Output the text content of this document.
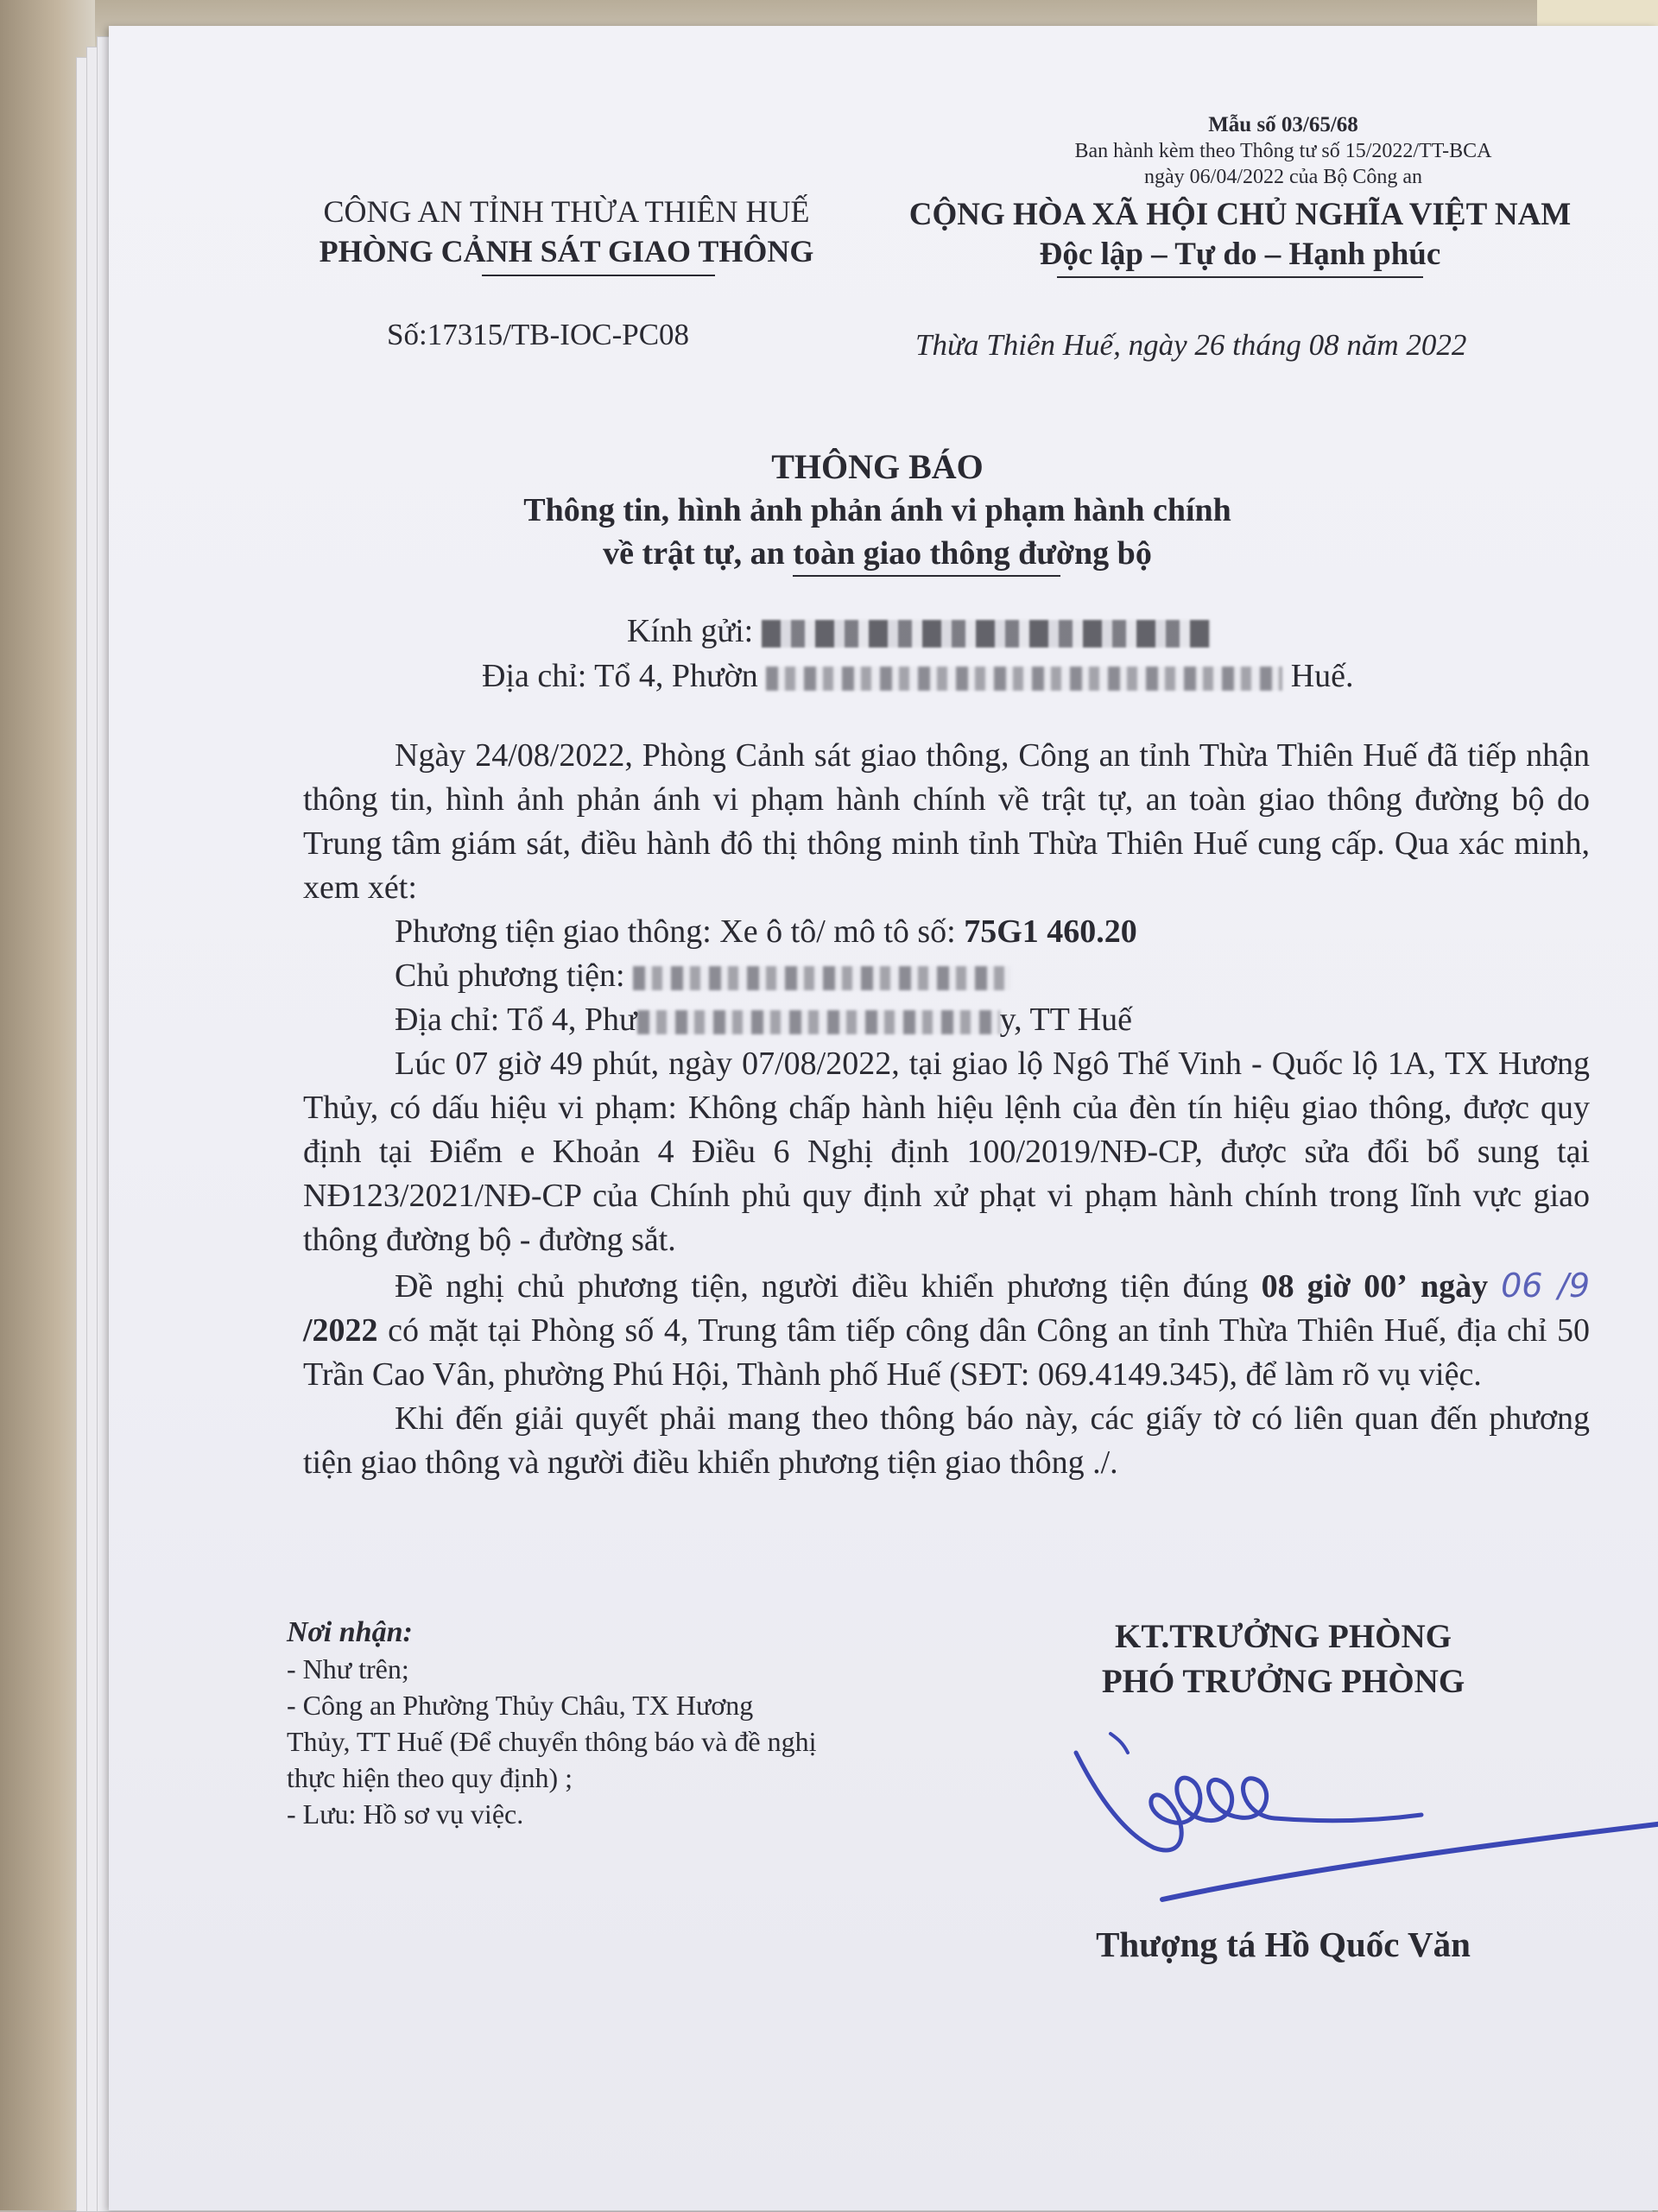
Mẫu số 03/65/68
Ban hành kèm theo Thông tư số 15/2022/TT-BCA
ngày 06/04/2022 của Bộ Công an
CÔNG AN TỈNH THỪA THIÊN HUẾ
PHÒNG CẢNH SÁT GIAO THÔNG
Số:17315/TB-IOC-PC08
CỘNG HÒA XÃ HỘI CHỦ NGHĨA VIỆT NAM
Độc lập – Tự do – Hạnh phúc
Thừa Thiên Huế, ngày 26 tháng 08 năm 2022
THÔNG BÁO
Thông tin, hình ảnh phản ánh vi phạm hành chính
về trật tự, an toàn giao thông đường bộ
Kính gửi:
Địa chỉ: Tổ 4, Phườn	Huế.
Ngày 24/08/2022, Phòng Cảnh sát giao thông, Công an tỉnh Thừa Thiên Huế đã tiếp nhận thông tin, hình ảnh phản ánh vi phạm hành chính về trật tự, an toàn giao thông đường bộ do Trung tâm giám sát, điều hành đô thị thông minh tỉnh Thừa Thiên Huế cung cấp. Qua xác minh, xem xét:
Phương tiện giao thông: Xe ô tô/ mô tô số: 75G1 460.20
Chủ phương tiện:
Địa chỉ: Tổ 4, Phư	y, TT Huế
Lúc 07 giờ 49 phút, ngày 07/08/2022, tại giao lộ Ngô Thế Vinh - Quốc lộ 1A, TX Hương Thủy, có dấu hiệu vi phạm: Không chấp hành hiệu lệnh của đèn tín hiệu giao thông, được quy định tại Điểm e Khoản 4 Điều 6 Nghị định 100/2019/NĐ-CP, được sửa đổi bổ sung tại NĐ123/2021/NĐ-CP của Chính phủ quy định xử phạt vi phạm hành chính trong lĩnh vực giao thông đường bộ - đường sắt.
Đề nghị chủ phương tiện, người điều khiển phương tiện đúng 08 giờ 00’ ngày 06 /9 /2022 có mặt tại Phòng số 4, Trung tâm tiếp công dân Công an tỉnh Thừa Thiên Huế, địa chỉ 50 Trần Cao Vân, phường Phú Hội, Thành phố Huế (SĐT: 069.4149.345), để làm rõ vụ việc.
Khi đến giải quyết phải mang theo thông báo này, các giấy tờ có liên quan đến phương tiện giao thông và người điều khiển phương tiện giao thông ./.
Nơi nhận:
- Như trên;
- Công an Phường Thủy Châu, TX Hương
Thủy, TT Huế (Để chuyển thông báo và đề nghị
thực hiện theo quy định) ;
- Lưu: Hồ sơ vụ việc.
KT.TRƯỞNG PHÒNG
PHÓ TRƯỞNG PHÒNG
Thượng tá Hồ Quốc Văn
